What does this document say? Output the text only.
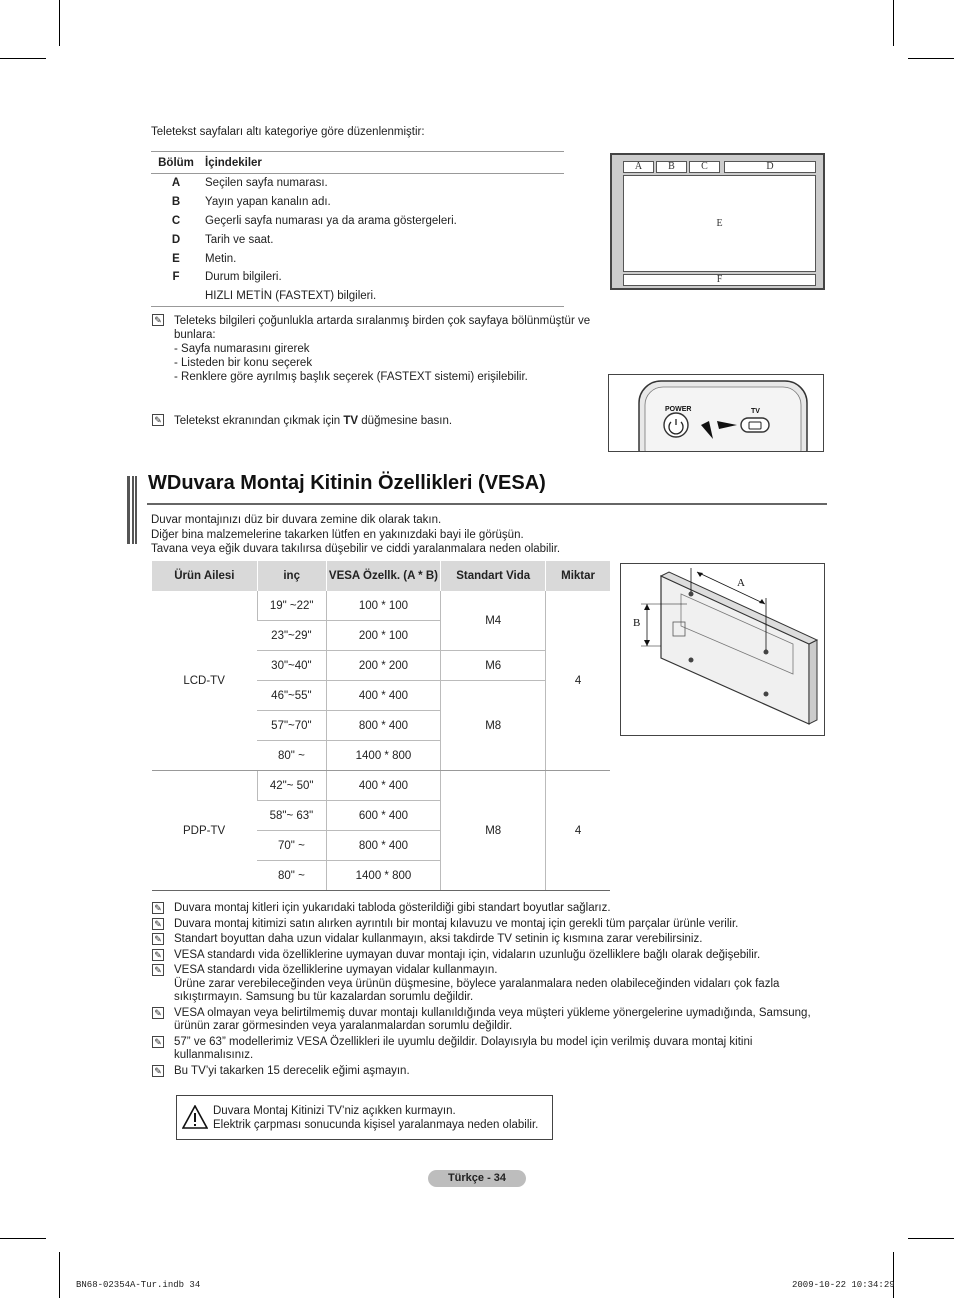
Teletekst sayfaları altı kategoriye göre düzenlenmiştir:
Bölüm	İçindekiler
A	Seçilen sayfa numarası.
B	Yayın yapan kanalın adı.
C	Geçerli sayfa numarası ya da arama göstergeleri.
D	Tarih ve saat.
E	Metin.
F	Durum bilgileri.
	HIZLI METİN (FASTEXT) bilgileri.
A	B	C	D
E
F
✎ Teleteks bilgileri çoğunlukla artarda sıralanmış birden çok sayfaya bölünmüştür ve bunlara:
- Sayfa numarasını girerek
- Listeden bir konu seçerek
- Renklere göre ayrılmış başlık seçerek (FASTEXT sistemi) erişilebilir.
✎ Teletekst ekranından çıkmak için TV düğmesine basın.
POWER	TV
WDuvara Montaj Kitinin Özellikleri (VESA)
Duvar montajınızı düz bir duvara zemine dik olarak takın.
Diğer bina malzemelerine takarken lütfen en yakınızdaki bayi ile görüşün.
Tavana veya eğik duvara takılırsa düşebilir ve ciddi yaralanmalara neden olabilir.
Ürün Ailesi	inç	VESA Özellk. (A * B)	Standart Vida	Miktar
LCD-TV	19" ~22"	100 * 100	M4	4
	23"~29"	200 * 100		
	30"~40"	200 * 200	M6	
	46"~55"	400 * 400	M8	
	57"~70"	800 * 400		
	80" ~	1400 * 800		
PDP-TV	42"~ 50"	400 * 400	M8	4
	58"~ 63"	600 * 400		
	70" ~	800 * 400		
	80" ~	1400 * 800		
A
B
✎ Duvara montaj kitleri için yukarıdaki tabloda gösterildiği gibi standart boyutlar sağlarız.
✎ Duvara montaj kitimizi satın alırken ayrıntılı bir montaj kılavuzu ve montaj için gerekli tüm parçalar ürünle verilir.
✎ Standart boyuttan daha uzun vidalar kullanmayın, aksi takdirde TV setinin iç kısmına zarar verebilirsiniz.
✎ VESA standardı vida özelliklerine uymayan duvar montajı için, vidaların uzunluğu özelliklere bağlı olarak değişebilir.
✎ VESA standardı vida özelliklerine uymayan vidalar kullanmayın.
Ürüne zarar verebileceğinden veya ürünün düşmesine, böylece yaralanmalara neden olabileceğinden vidaları çok fazla sıkıştırmayın. Samsung bu tür kazalardan sorumlu değildir.
✎ VESA olmayan veya belirtilmemiş duvar montajı kullanıldığında veya müşteri yükleme yönergelerine uymadığında, Samsung, ürünün zarar görmesinden veya yaralanmalardan sorumlu değildir.
✎ 57” ve 63” modellerimiz VESA Özellikleri ile uyumlu değildir. Dolayısıyla bu model için verilmiş duvara montaj kitini kullanmalısınız.
✎ Bu TV’yi takarken 15 derecelik eğimi aşmayın.
Duvara Montaj Kitinizi TV’niz açıkken kurmayın.
Elektrik çarpması sonucunda kişisel yaralanmaya neden olabilir.
Türkçe - 34
BN68-02354A-Tur.indb 34	2009-10-22 10:34:29
